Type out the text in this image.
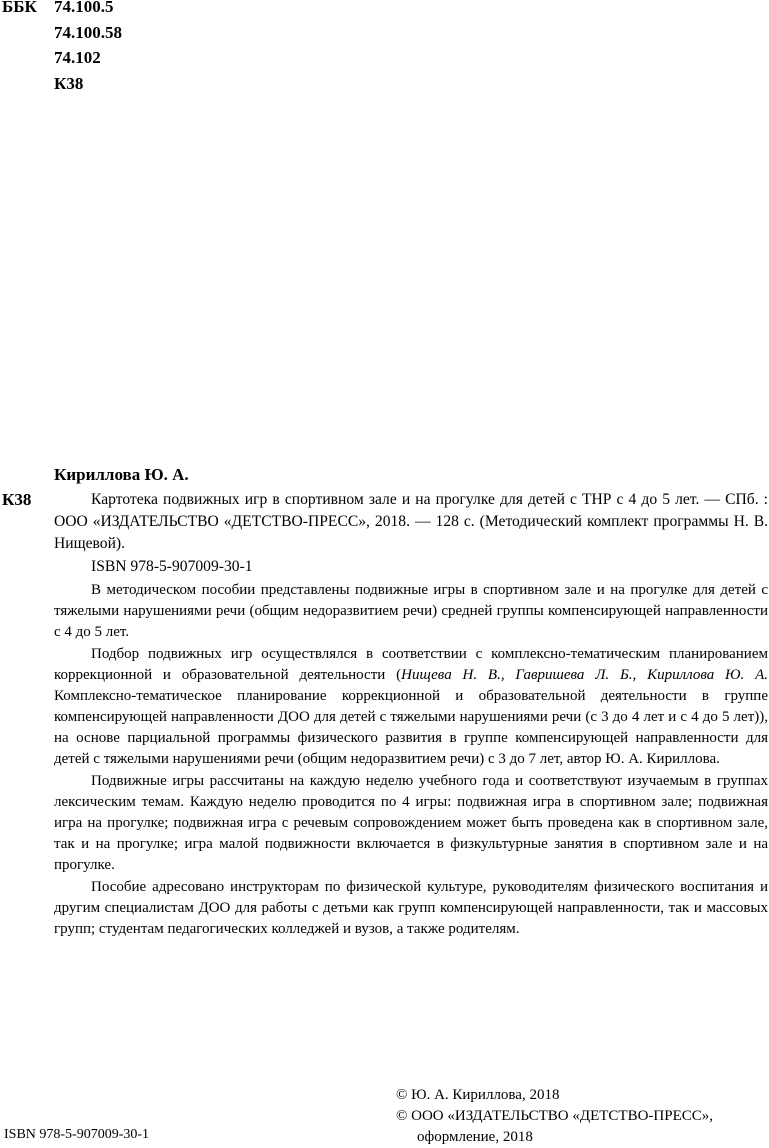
ББК 74.100.5
74.100.58
74.102
К38
Кириллова Ю. А.
К38	Картотека подвижных игр в спортивном зале и на прогулке для детей с ТНР с 4 до 5 лет. — СПб. : ООО «ИЗДАТЕЛЬСТВО «ДЕТСТВО-ПРЕСС», 2018. — 128 с. (Методический комплект программы Н. В. Нищевой).

ISBN 978-5-907009-30-1

В методическом пособии представлены подвижные игры в спортивном зале и на прогулке для детей с тяжелыми нарушениями речи (общим недоразвитием речи) средней группы компенсирующей направленности с 4 до 5 лет.

Подбор подвижных игр осуществлялся в соответствии с комплексно-тематическим планированием коррекционной и образовательной деятельности (Нищева Н. В., Гавришева Л. Б., Кириллова Ю. А. Комплексно-тематическое планирование коррекционной и образовательной деятельности в группе компенсирующей направленности ДОО для детей с тяжелыми нарушениями речи (с 3 до 4 лет и с 4 до 5 лет)), на основе парциальной программы физического развития в группе компенсирующей направленности для детей с тяжелыми нарушениями речи (общим недоразвитием речи) с 3 до 7 лет, автор Ю. А. Кириллова.

Подвижные игры рассчитаны на каждую неделю учебного года и соответствуют изучаемым в группах лексическим темам. Каждую неделю проводится по 4 игры: подвижная игра в спортивном зале; подвижная игра на прогулке; подвижная игра с речевым сопровождением может быть проведена как в спортивном зале, так и на прогулке; игра малой подвижности включается в физкультурные занятия в спортивном зале и на прогулке.

Пособие адресовано инструкторам по физической культуре, руководителям физического воспитания и другим специалистам ДОО для работы с детьми как групп компенсирующей направленности, так и массовых групп; студентам педагогических колледжей и вузов, а также родителям.

© Ю. А. Кириллова, 2018
© ООО «ИЗДАТЕЛЬСТВО «ДЕТСТВО-ПРЕСС»,
оформление, 2018
ISBN 978-5-907009-30-1
